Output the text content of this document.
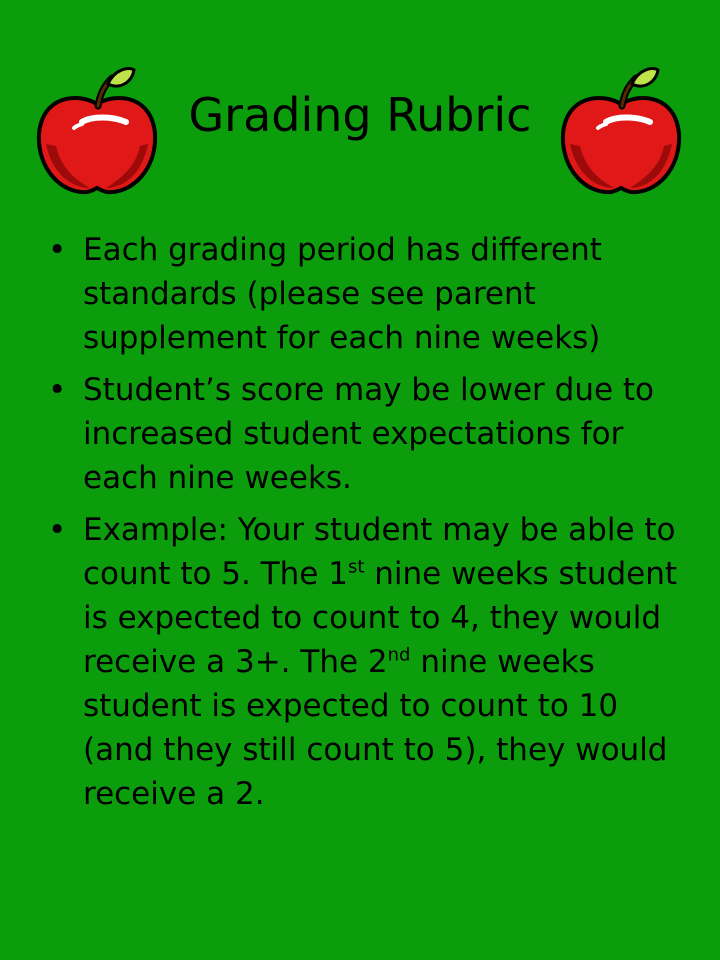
Grading Rubric
• Each grading period has different standards (please see parent supplement for each nine weeks)
• Student’s score may be lower due to increased student expectations for each nine weeks.
• Example: Your student may be able to count to 5. The 1st nine weeks student is expected to count to 4, they would receive a 3+. The 2nd nine weeks student is expected to count to 10 (and they still count to 5), they would receive a 2.
